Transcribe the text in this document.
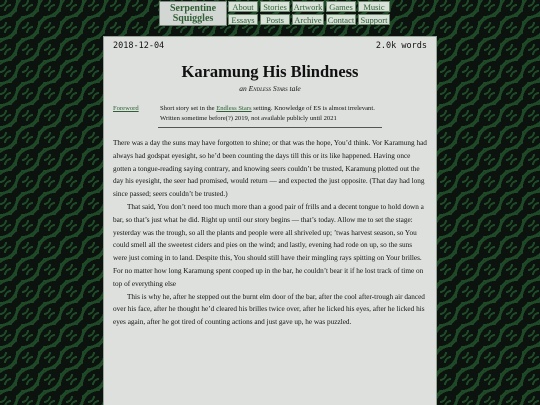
Serpentine
Squiggles
About	Stories Artwork Games	Music
Essays	Posts	Archive Contact Support
2018-12-04	2.0k words
Karamung His Blindness
an Endless Stars tale
Foreword	Short story set in the Endless Stars setting. Knowledge of ES is almost irrelevant.
Written sometime before(?) 2019, not available publicly until 2021

There was a day the suns may have forgotten to shine; or that was the hope, You’d think. Vor Karamung had always had godspat eyesight, so he’d been counting the days till this or its like happened. Having once gotten a tongue-reading saying contrary, and knowing seers couldn’t be trusted, Karamung plotted out the day his eyesight, the seer had promised, would return — and expected the just opposite. (That day had long since passed; seers couldn’t be trusted.)

That said, You don’t need too much more than a good pair of frills and a decent tongue to hold down a bar, so that’s just what he did. Right up until our story begins — that’s today. Allow me to set the stage: yesterday was the trough, so all the plants and people were all shriveled up; ’twas harvest season, so You could smell all the sweetest ciders and pies on the wind; and lastly, evening had rode on up, so the suns were just coming in to land. Despite this, You should still have their mingling rays spitting on Your brilles. For no matter how long Karamung spent cooped up in the bar, he couldn’t bear it if he lost track of time on top of everything else

This is why he, after he stepped out the burnt elm door of the bar, after the cool after-trough air danced over his face, after he thought he’d cleared his brilles twice over, after he licked his eyes, after he licked his eyes again, after he got tired of counting actions and just gave up, he was puzzled.
